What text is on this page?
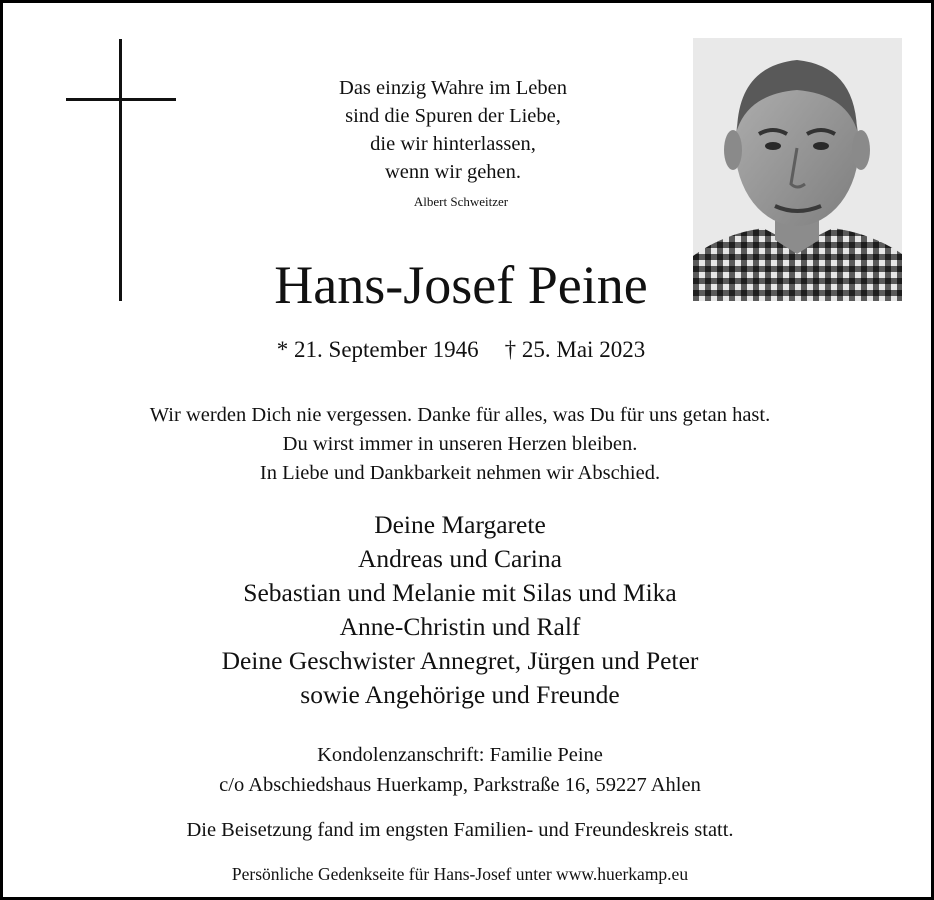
Das einzig Wahre im Leben
sind die Spuren der Liebe,
die wir hinterlassen,
wenn wir gehen.
Albert Schweitzer
Hans-Josef Peine
* 21. September 1946 † 25. Mai 2023
Wir werden Dich nie vergessen. Danke für alles, was Du für uns getan hast.
Du wirst immer in unseren Herzen bleiben.
In Liebe und Dankbarkeit nehmen wir Abschied.
Deine Margarete
Andreas und Carina
Sebastian und Melanie mit Silas und Mika
Anne-Christin und Ralf
Deine Geschwister Annegret, Jürgen und Peter
sowie Angehörige und Freunde
Kondolenzanschrift: Familie Peine
c/o Abschiedshaus Huerkamp, Parkstraße 16, 59227 Ahlen
Die Beisetzung fand im engsten Familien- und Freundeskreis statt.
Persönliche Gedenkseite für Hans-Josef unter www.huerkamp.eu
